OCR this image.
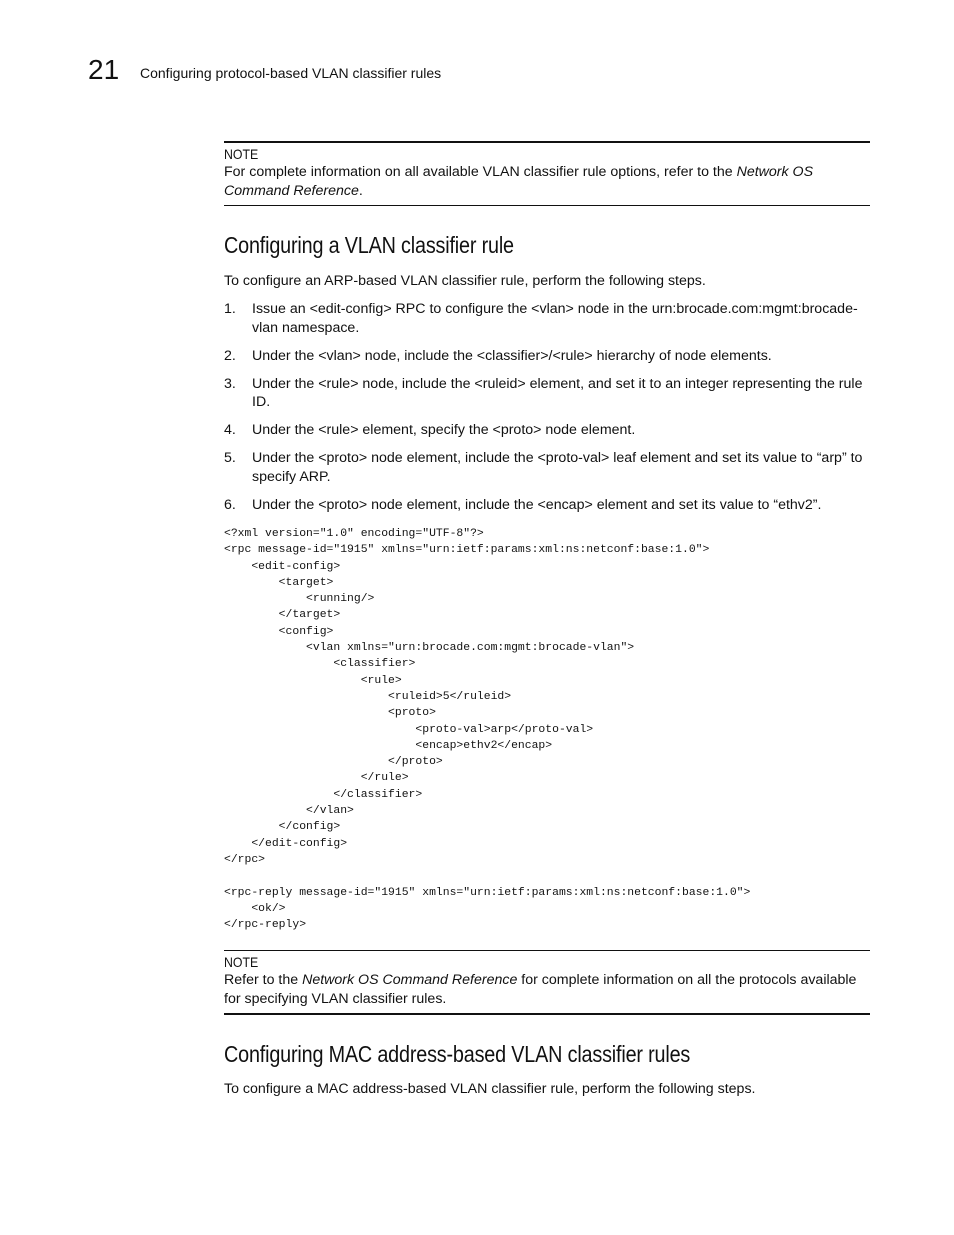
21 Configuring protocol-based VLAN classifier rules
NOTE
For complete information on all available VLAN classifier rule options, refer to the Network OS Command Reference.
Configuring a VLAN classifier rule
To configure an ARP-based VLAN classifier rule, perform the following steps.
1. Issue an <edit-config> RPC to configure the <vlan> node in the urn:brocade.com:mgmt:brocade-vlan namespace.
2. Under the <vlan> node, include the <classifier>/<rule> hierarchy of node elements.
3. Under the <rule> node, include the <ruleid> element, and set it to an integer representing the rule ID.
4. Under the <rule> element, specify the <proto> node element.
5. Under the <proto> node element, include the <proto-val> leaf element and set its value to “arp” to specify ARP.
6. Under the <proto> node element, include the <encap> element and set its value to “ethv2”.
<?xml version="1.0" encoding="UTF-8"?>
<rpc message-id="1915" xmlns="urn:ietf:params:xml:ns:netconf:base:1.0">
<edit-config>
<target>
<running/>
</target>
<config>
<vlan xmlns="urn:brocade.com:mgmt:brocade-vlan">
<classifier>
<rule>
<ruleid>5</ruleid>
<proto>
<proto-val>arp</proto-val>
<encap>ethv2</encap>
</proto>
</rule>
</classifier>
</vlan>
</config>
</edit-config>
</rpc>

<rpc-reply message-id="1915" xmlns="urn:ietf:params:xml:ns:netconf:base:1.0">
<ok/>
</rpc-reply>
NOTE
Refer to the Network OS Command Reference for complete information on all the protocols available for specifying VLAN classifier rules.
Configuring MAC address-based VLAN classifier rules
To configure a MAC address-based VLAN classifier rule, perform the following steps.
